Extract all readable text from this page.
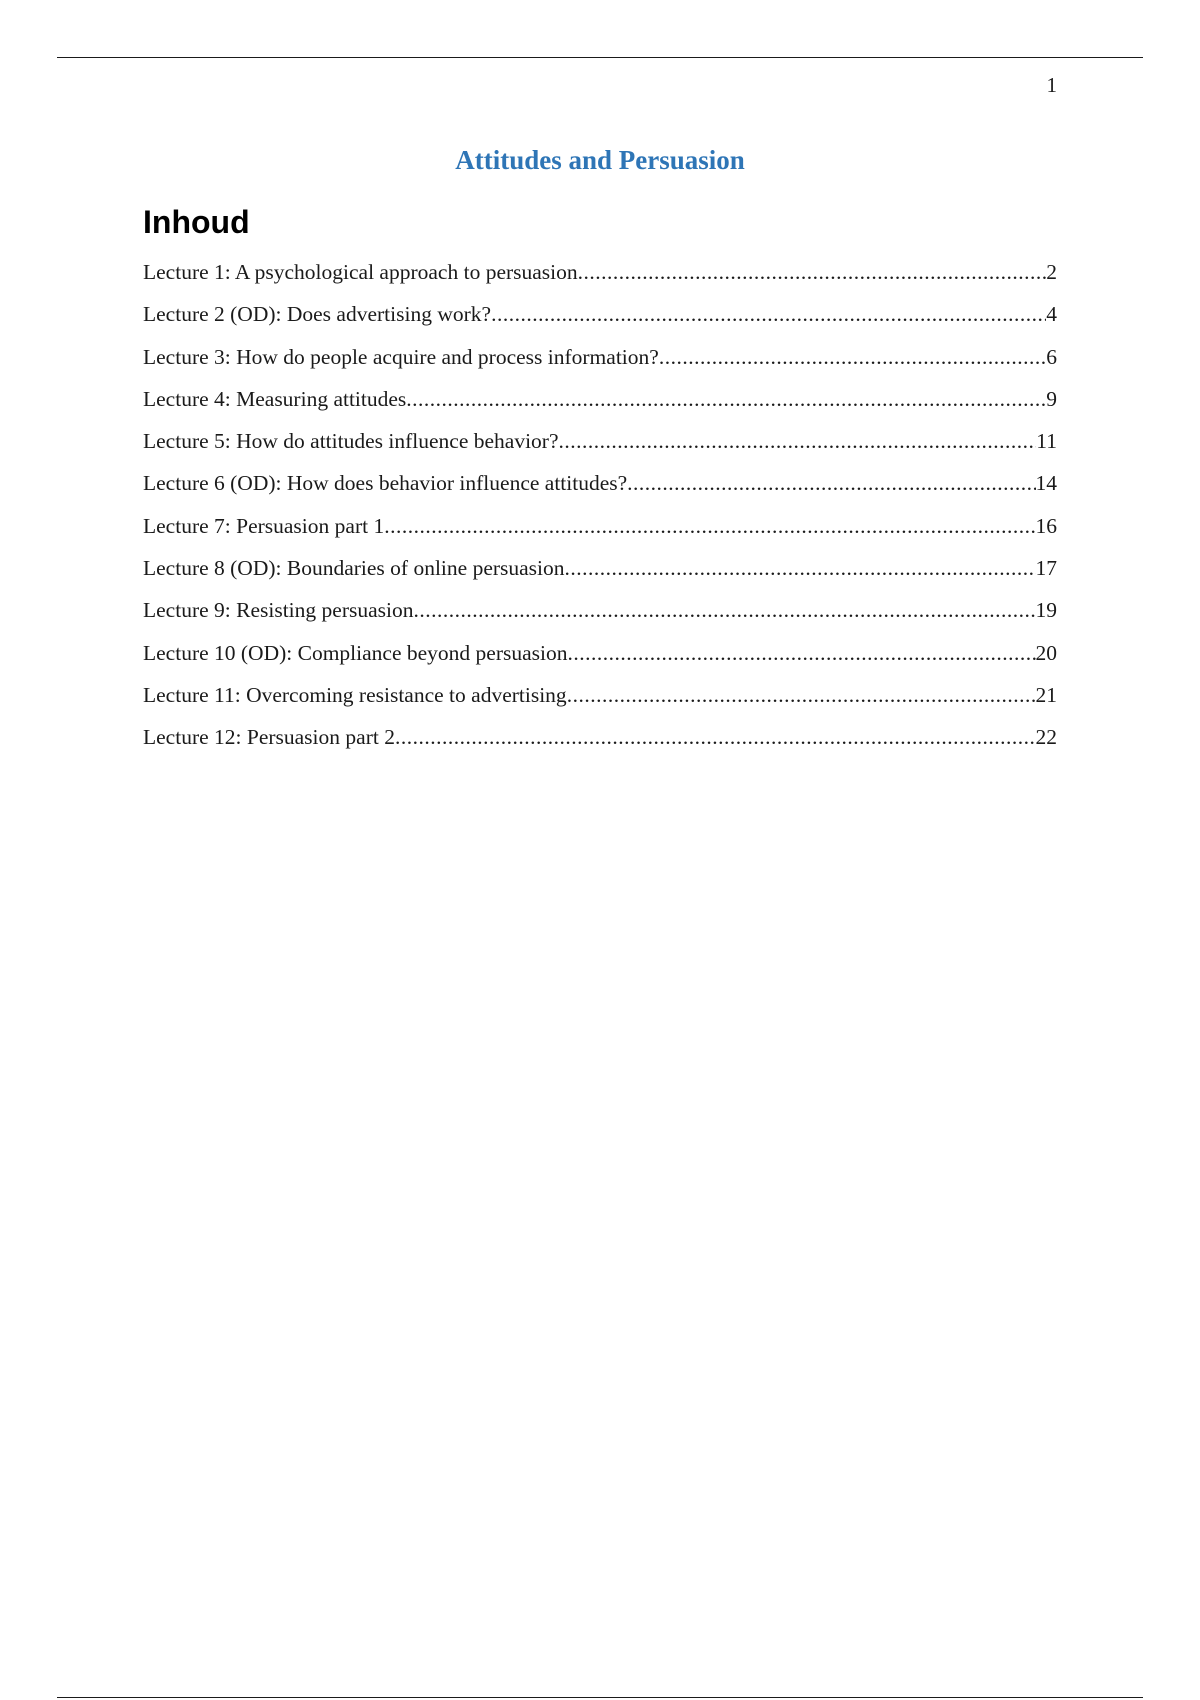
1
Attitudes and Persuasion
Inhoud
Lecture 1: A psychological approach to persuasion .....	2
Lecture 2 (OD): Does advertising work? .....	4
Lecture 3: How do people acquire and process information? .....	6
Lecture 4: Measuring attitudes .....	9
Lecture 5: How do attitudes influence behavior? .....	11
Lecture 6 (OD): How does behavior influence attitudes? .....	14
Lecture 7: Persuasion part 1 .....	16
Lecture 8 (OD): Boundaries of online persuasion .....	17
Lecture 9: Resisting persuasion .....	19
Lecture 10 (OD): Compliance beyond persuasion .....	20
Lecture 11: Overcoming resistance to advertising .....	21
Lecture 12: Persuasion part 2 .....	22
